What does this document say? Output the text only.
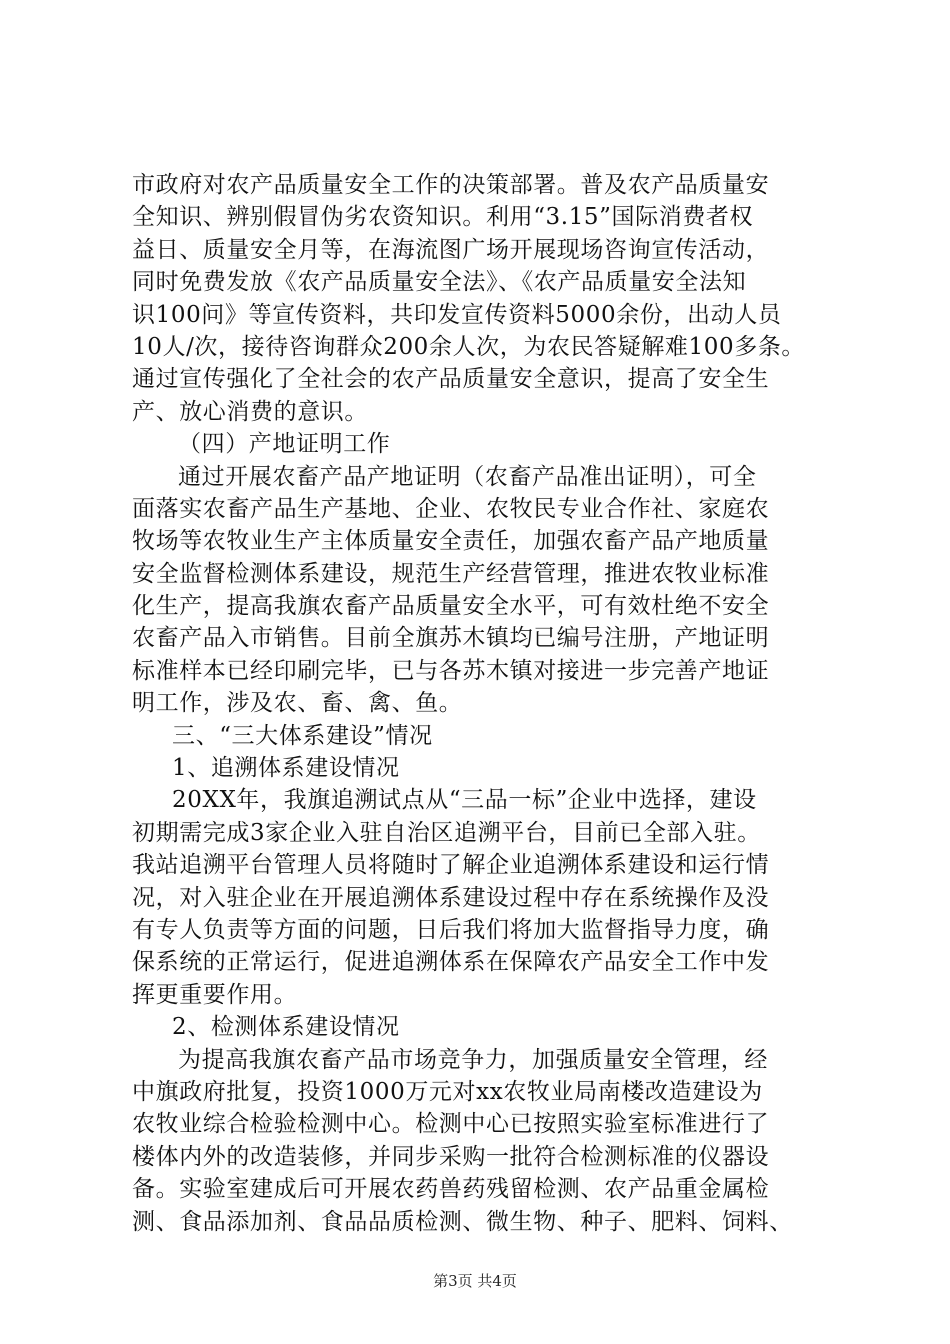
市政府对农产品质量安全工作的决策部署。普及农产品质量安
全知识、辨别假冒伪劣农资知识。利用“3.15”国际消费者权
益日、质量安全月等，在海流图广场开展现场咨询宣传活动，
同时免费发放《农产品质量安全法》、《农产品质量安全法知
识100问》等宣传资料，共印发宣传资料5000余份，出动人员
10人/次，接待咨询群众200余人次，为农民答疑解难100多条。
通过宣传强化了全社会的农产品质量安全意识，提高了安全生
产、放心消费的意识。
（四）产地证明工作
通过开展农畜产品产地证明（农畜产品准出证明），可全
面落实农畜产品生产基地、企业、农牧民专业合作社、家庭农
牧场等农牧业生产主体质量安全责任，加强农畜产品产地质量
安全监督检测体系建设，规范生产经营管理，推进农牧业标准
化生产，提高我旗农畜产品质量安全水平，可有效杜绝不安全
农畜产品入市销售。目前全旗苏木镇均已编号注册，产地证明
标准样本已经印刷完毕，已与各苏木镇对接进一步完善产地证
明工作，涉及农、畜、禽、鱼。
三、“三大体系建设”情况
1、追溯体系建设情况
20XX年，我旗追溯试点从“三品一标”企业中选择，建设
初期需完成3家企业入驻自治区追溯平台，目前已全部入驻。
我站追溯平台管理人员将随时了解企业追溯体系建设和运行情
况，对入驻企业在开展追溯体系建设过程中存在系统操作及没
有专人负责等方面的问题，日后我们将加大监督指导力度，确
保系统的正常运行，促进追溯体系在保障农产品安全工作中发
挥更重要作用。
2、检测体系建设情况
为提高我旗农畜产品市场竞争力，加强质量安全管理，经
中旗政府批复，投资1000万元对xx农牧业局南楼改造建设为
农牧业综合检验检测中心。检测中心已按照实验室标准进行了
楼体内外的改造装修，并同步采购一批符合检测标准的仪器设
备。实验室建成后可开展农药兽药残留检测、农产品重金属检
测、食品添加剂、食品品质检测、微生物、种子、肥料、饲料、
第3页 共4页
